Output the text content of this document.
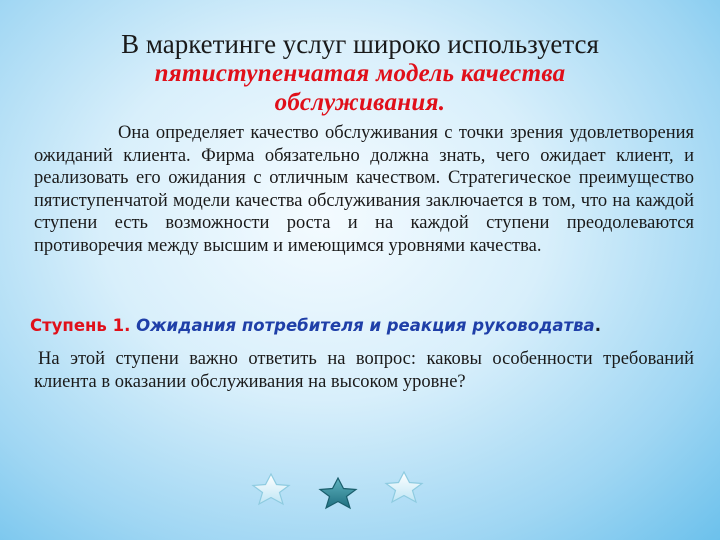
В маркетинге услуг широко используется
пятиступенчатая модель качества
обслуживания.

Она определяет качество обслуживания с точки зрения удовлетворения ожиданий клиента. Фирма обязательно должна знать, чего ожидает клиент, и реализовать его ожидания с отличным качеством. Стратегическое преимущество пятиступенчатой модели качества обслуживания заключается в том, что на каждой ступени есть возможности роста и на каждой ступени преодолеваются противоречия между высшим и имеющимся уровнями качества.

Ступень 1. Ожидания потребителя и реакция руководатва.

На этой ступени важно ответить на вопрос: каковы особенности требований клиента в оказании обслуживания на высоком уровне?
